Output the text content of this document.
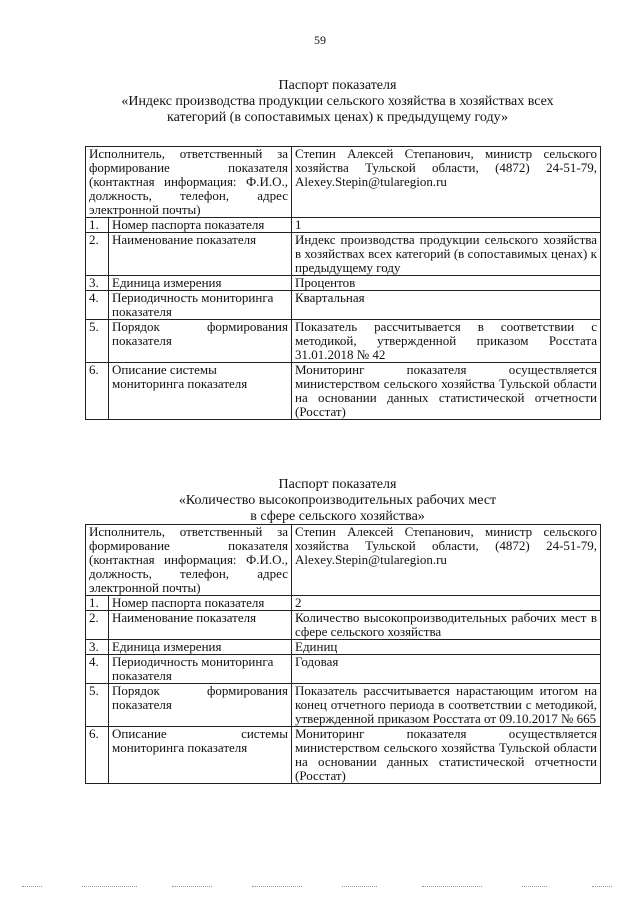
59
Паспорт показателя
«Индекс производства продукции сельского хозяйства в хозяйствах всех
категорий (в сопоставимых ценах) к предыдущему году»
Исполнитель, ответственный за формирование показателя (контактная информация: Ф.И.О., должность, телефон, адрес электронной почты)		Степин Алексей Степанович, министр сельского хозяйства Тульской области, (4872) 24-51-79, Alexey.Stepin@tularegion.ru
1.	Номер паспорта показателя	1
2.	Наименование показателя	Индекс производства продукции сельского хозяйства в хозяйствах всех категорий (в сопоставимых ценах) к предыдущему году
3.	Единица измерения	Процентов
4.	Периодичность мониторинга показателя	Квартальная
5.	Порядок формирования показателя	Показатель рассчитывается в соответствии с методикой, утвержденной приказом Росстата 31.01.2018 № 42
6.	Описание системы мониторинга показателя	Мониторинг показателя осуществляется министерством сельского хозяйства Тульской области на основании данных статистической отчетности (Росстат)
Паспорт показателя
«Количество высокопроизводительных рабочих мест
в сфере сельского хозяйства»
Исполнитель, ответственный за формирование показателя (контактная информация: Ф.И.О., должность, телефон, адрес электронной почты)		Степин Алексей Степанович, министр сельского хозяйства Тульской области, (4872) 24-51-79, Alexey.Stepin@tularegion.ru
1.	Номер паспорта показателя	2
2.	Наименование показателя	Количество высокопроизводительных рабочих мест в сфере сельского хозяйства
3.	Единица измерения	Единиц
4.	Периодичность мониторинга показателя	Годовая
5.	Порядок формирования показателя	Показатель рассчитывается нарастающим итогом на конец отчетного периода в соответствии с методикой, утвержденной приказом Росстата от 09.10.2017 № 665
6.	Описание системы мониторинга показателя	Мониторинг показателя осуществляется министерством сельского хозяйства Тульской области на основании данных статистической отчетности (Росстат)
